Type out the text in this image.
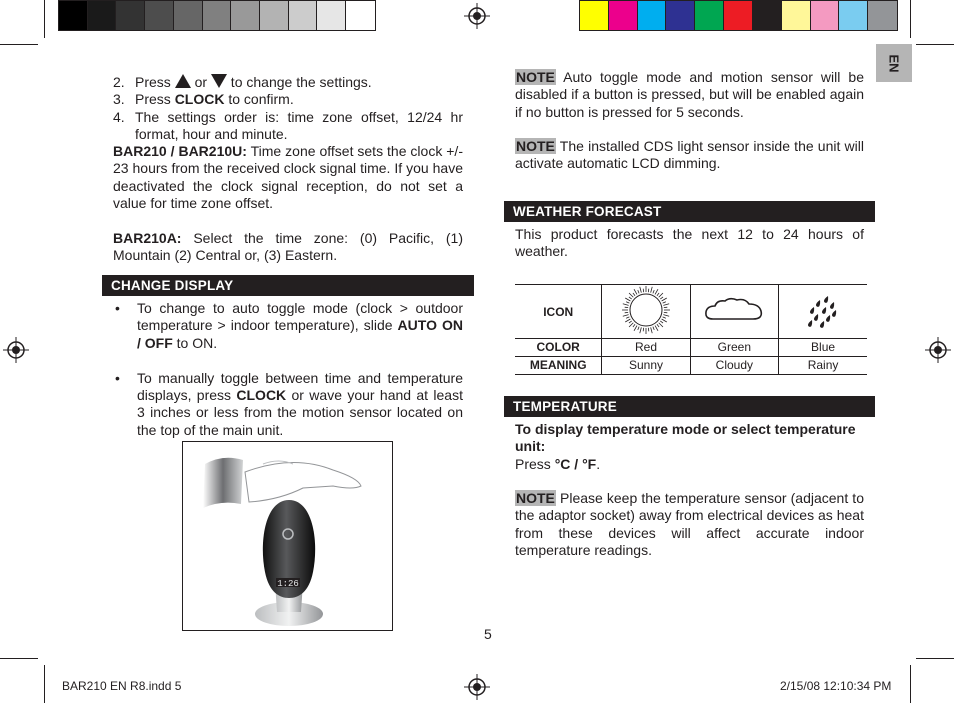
EN
2. Press  or  to change the settings.
3. Press CLOCK to confirm.
4. The settings order is: time zone offset, 12/24 hr format, hour and minute.

BAR210 / BAR210U: Time zone offset sets the clock +/- 23 hours from the received clock signal time. If you have deactivated the clock signal reception, do not set a value for time zone offset.

BAR210A: Select the time zone: (0) Pacific, (1) Mountain (2) Central or, (3) Eastern.

CHANGE DISPLAY
•	To change to auto toggle mode (clock > outdoor temperature > indoor temperature), slide AUTO ON / OFF to ON.
•	To manually toggle between time and temperature displays, press CLOCK or wave your hand at least 3 inches or less from the motion sensor located on the top of the main unit.
1:26

NOTE Auto toggle mode and motion sensor will be disabled if a button is pressed, but will be enabled again if no button is pressed for 5 seconds.

NOTE The installed CDS light sensor inside the unit will activate automatic LCD dimming.

WEATHER FORECAST

This product forecasts the next 12 to 24 hours of weather.

ICON			
COLOR	Red	Green	Blue
MEANING	Sunny	Cloudy	Rainy
TEMPERATURE

To display temperature mode or select temperature unit:

Press °C / °F.

NOTE Please keep the temperature sensor (adjacent to the adaptor socket) away from electrical devices as heat from these devices will affect accurate indoor temperature readings.

5
BAR210 EN R8.indd 5	2/15/08 12:10:34 PM
